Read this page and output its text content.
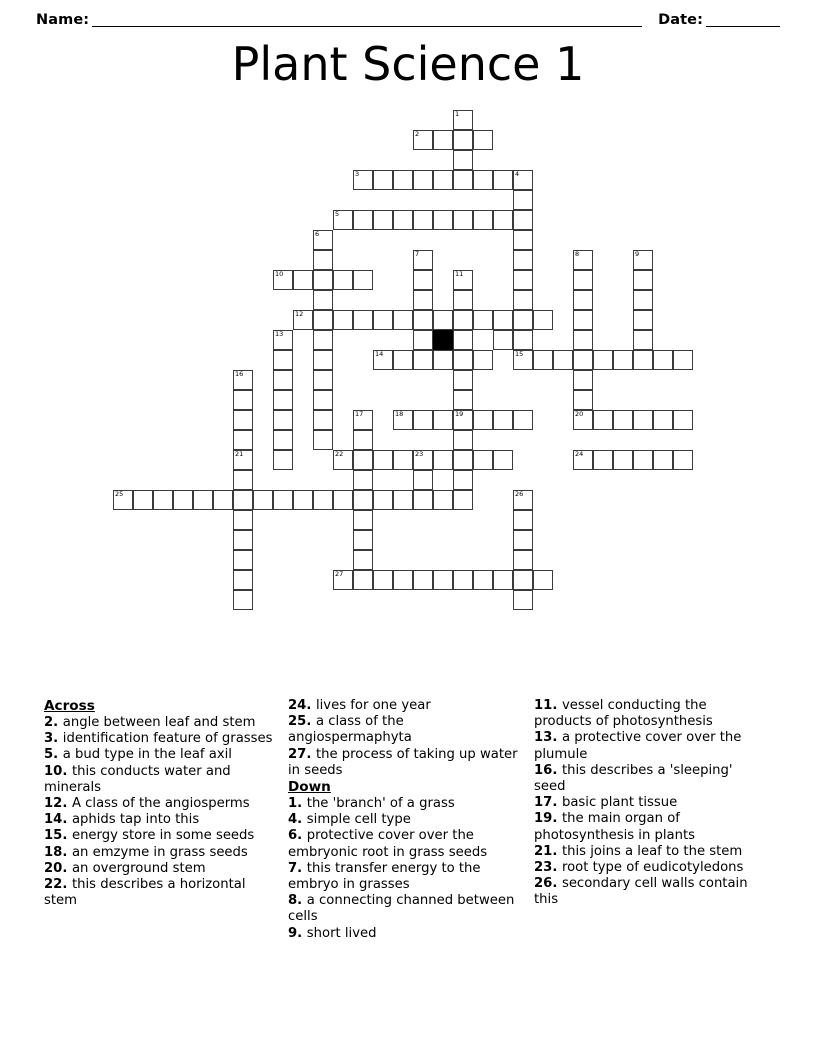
Name:	Date:
Plant Science 1
1
2
3	4
15
5
6
7	8	9
10	11
12
13
14
16
21
17	18	19	20
22	23	24
25	26
27
Across
2. angle between leaf and stem
3. identification feature of grasses
5. a bud type in the leaf axil
10. this conducts water and minerals
12. A class of the angiosperms
14. aphids tap into this
15. energy store in some seeds
18. an emzyme in grass seeds
20. an overground stem
22. this describes a horizontal stem
24. lives for one year
25. a class of the angiospermaphyta
27. the process of taking up water in seeds
Down
1. the 'branch' of a grass
4. simple cell type
6. protective cover over the embryonic root in grass seeds
7. this transfer energy to the embryo in grasses
8. a connecting channed between cells
9. short lived
11. vessel conducting the products of photosynthesis
13. a protective cover over the plumule
16. this describes a 'sleeping' seed
17. basic plant tissue
19. the main organ of photosynthesis in plants
21. this joins a leaf to the stem
23. root type of eudicotyledons
26. secondary cell walls contain this
